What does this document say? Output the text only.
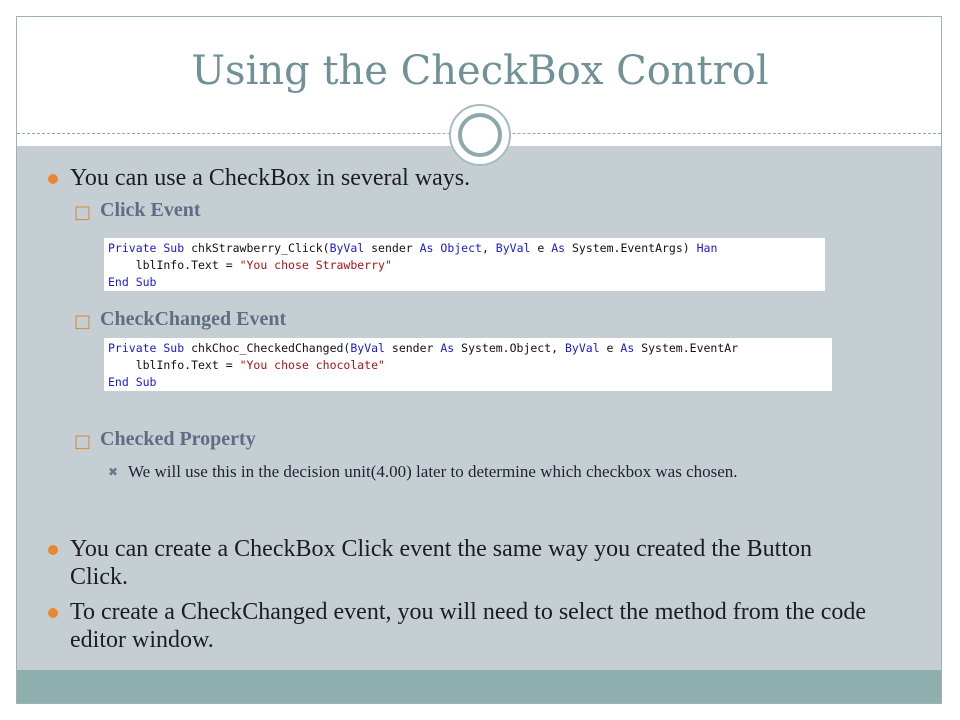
Using the CheckBox Control
You can use a CheckBox in several ways.
□ Click Event
Private Sub chkStrawberry_Click(ByVal sender As Object, ByVal e As System.EventArgs) Han
lblInfo.Text = "You chose Strawberry"
End Sub
□ CheckChanged Event
Private Sub chkChoc_CheckedChanged(ByVal sender As System.Object, ByVal e As System.EventAr
lblInfo.Text = "You chose chocolate"
End Sub
□ Checked Property
✖ We will use this in the decision unit(4.00) later to determine which checkbox was chosen.
You can create a CheckBox Click event the same way you created the Button Click.
To create a CheckChanged event, you will need to select the method from the code editor window.
